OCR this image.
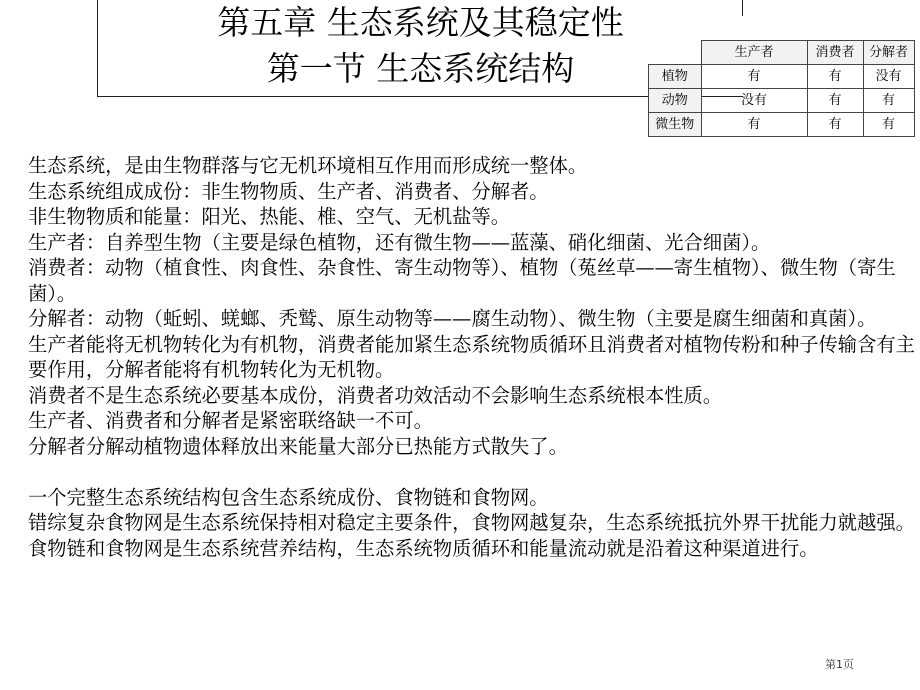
第五章 生态系统及其稳定性
第一节 生态系统结构
		生产者	消费者	分解者
植物	有	有	没有
动物	没有	有	有
微生物	有	有	有

生态系统，是由生物群落与它无机环境相互作用而形成统一整体。

生态系统组成成份：非生物物质、生产者、消费者、分解者。

非生物物质和能量：阳光、热能、椎、空气、无机盐等。

生产者：自养型生物（主要是绿色植物，还有微生物——蓝藻、硝化细菌、光合细菌）。

消费者：动物（植食性、肉食性、杂食性、寄生动物等）、植物（菟丝草——寄生植物）、微生物（寄生菌）。

分解者：动物（蚯蚓、蜣螂、秃鹫、原生动物等——腐生动物）、微生物（主要是腐生细菌和真菌）。

生产者能将无机物转化为有机物，消费者能加紧生态系统物质循环且消费者对植物传粉和种子传输含有主要作用，分解者能将有机物转化为无机物。

消费者不是生态系统必要基本成份，消费者功效活动不会影响生态系统根本性质。

生产者、消费者和分解者是紧密联络缺一不可。

分解者分解动植物遗体释放出来能量大部分已热能方式散失了。

一个完整生态系统结构包含生态系统成份、食物链和食物网。

错综复杂食物网是生态系统保持相对稳定主要条件，食物网越复杂，生态系统抵抗外界干扰能力就越强。

食物链和食物网是生态系统营养结构，生态系统物质循环和能量流动就是沿着这种渠道进行。

第1页
